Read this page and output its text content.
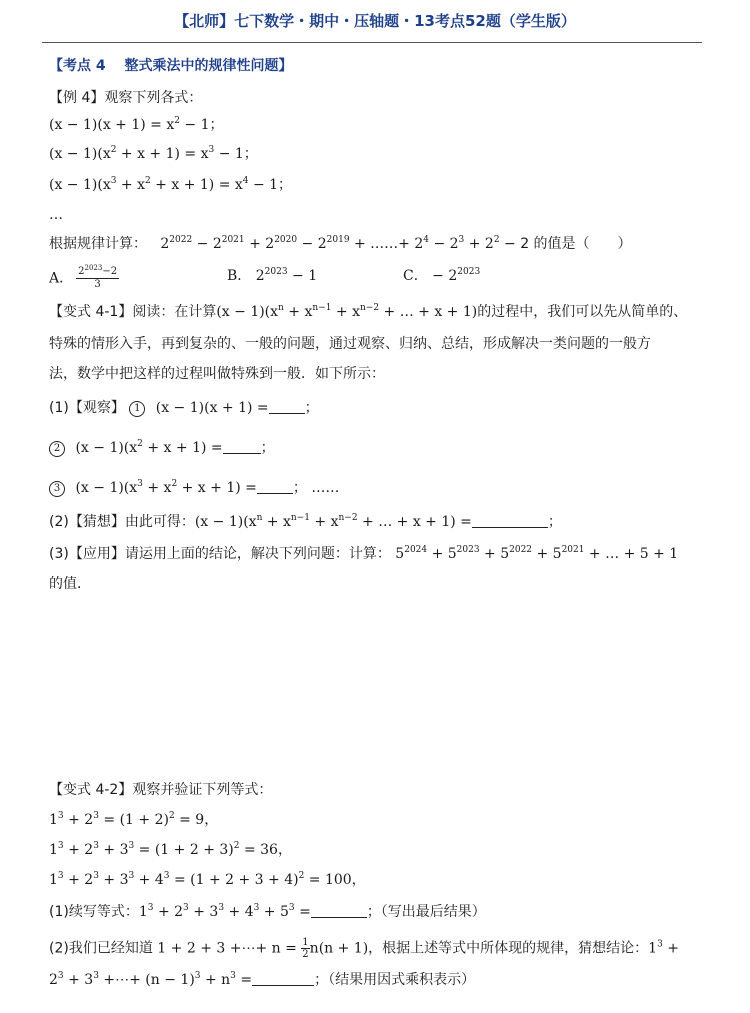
【北师】七下数学・期中・压轴题・13考点52题（学生版）
【考点 4　 整式乘法中的规律性问题】
【例 4】观察下列各式：
$(x - 1)(x + 1) = x^2 - 1$；
$(x - 1)(x^2 + x + 1) = x^3 - 1$；
$(x - 1)(x^3 + x^2 + x + 1) = x^4 - 1$；
…
根据规律计算： $2^{2022} - 2^{2021} + 2^{2020} - 2^{2019}$ + ……+ $2^4 - 2^3 + 2^2 - 2$ 的值是（　　）
A． $\frac{2^{2023}-2}{3}$	B． $2^{2023} - 1$	C． − $2^{2023}$
【变式 4-1】阅读：在计算$(x - 1)(x^n + x^{n-1} + x^{n-2}$ + … + x + 1)的过程中，我们可以先从简单的、
特殊的情形入手，再到复杂的、一般的问题，通过观察、归纳、总结，形成解决一类问题的一般方
法，数学中把这样的过程叫做特殊到一般．如下所示：
(1)【观察】 1 (x − 1)(x + 1) =	；
2 $(x - 1)(x^2 + x + 1)$ =	；
3 $(x - 1)(x^3 + x^2 + x + 1)$ =	； ……
(2)【猜想】由此可得：$(x - 1)(x^n + x^{n-1} + x^{n-2}$ + … + x + 1) =	；
(3)【应用】请运用上面的结论，解决下列问题：计算： $5^{2024} + 5^{2023} + 5^{2022} + 5^{2021}$ + … + 5 + 1
的值．
【变式 4-2】观察并验证下列等式：
$1^3 + 2^3 = (1 + 2)^2 = 9$，
$1^3 + 2^3 + 3^3 = (1 + 2 + 3)^2 = 36$，
$1^3 + 2^3 + 3^3 + 4^3 = (1 + 2 + 3 + 4)^2 = 100$，
(1)续写等式：$1^3 + 2^3 + 3^3 + 4^3 + 5^3$ =	；（写出最后结果）
(2)我们已经知道 1 + 2 + 3 +⋯+ $n = \frac{1}{2} n(n + 1)$，根据上述等式中所体现的规律，猜想结论：$1^3$ +
$2^3 + 3^3$ +⋯+ $(n - 1)^3 + n^3$ =	；（结果用因式乘积表示）
